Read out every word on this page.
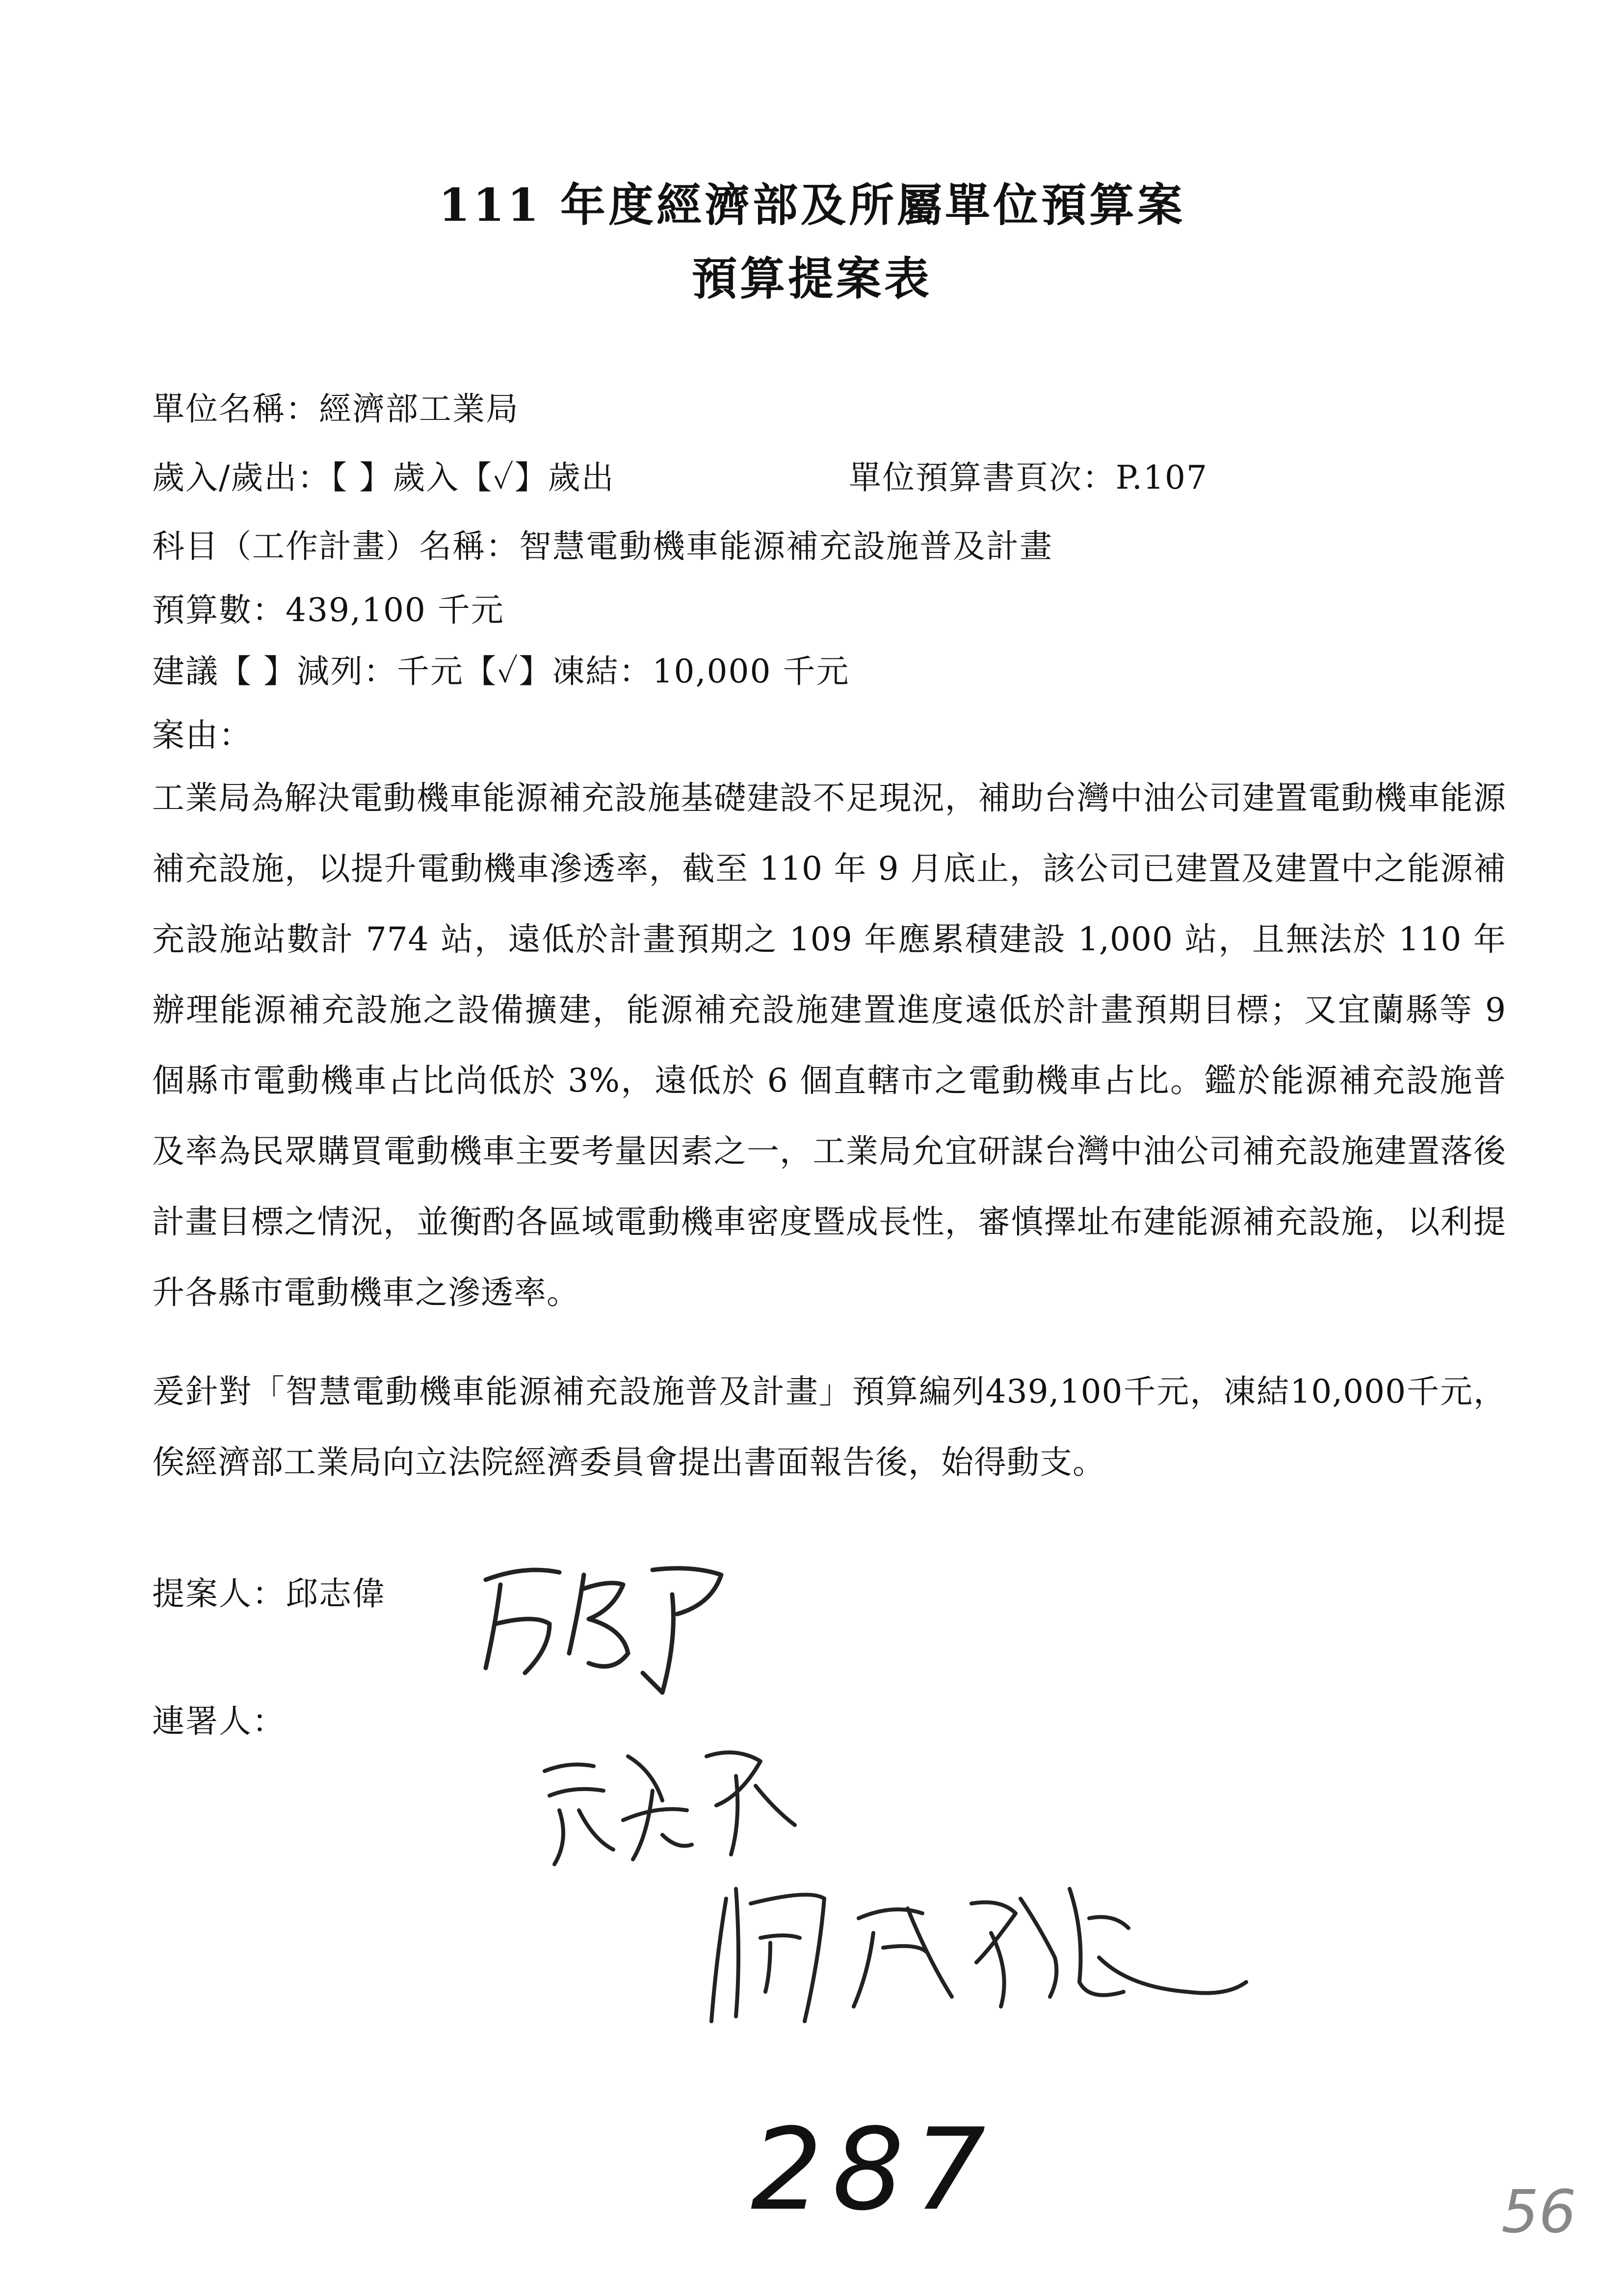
111 年度經濟部及所屬單位預算案
預算提案表
單位名稱：經濟部工業局
歲入/歲出：【 】歲入【✓】歲出	單位預算書頁次：P.107
科目（工作計畫）名稱：智慧電動機車能源補充設施普及計畫
預算數：439,100 千元
建議【 】減列：千元【✓】凍結：10,000 千元
案由：
工業局為解決電動機車能源補充設施基礎建設不足現況，補助台灣中油公司建置電動機車能源補充設施，以提升電動機車滲透率，截至 110 年 9 月底止，該公司已建置及建置中之能源補充設施站數計 774 站，遠低於計畫預期之 109 年應累積建設 1,000 站，且無法於 110 年辦理能源補充設施之設備擴建，能源補充設施建置進度遠低於計畫預期目標；又宜蘭縣等 9 個縣市電動機車占比尚低於 3%，遠低於 6 個直轄市之電動機車占比。鑑於能源補充設施普及率為民眾購買電動機車主要考量因素之一，工業局允宜研謀台灣中油公司補充設施建置落後計畫目標之情況，並衡酌各區域電動機車密度暨成長性，審慎擇址布建能源補充設施，以利提升各縣市電動機車之滲透率。
爰針對「智慧電動機車能源補充設施普及計畫」預算編列439,100千元，凍結10,000千元，俟經濟部工業局向立法院經濟委員會提出書面報告後，始得動支。
提案人：邱志偉
連署人：
287	56
